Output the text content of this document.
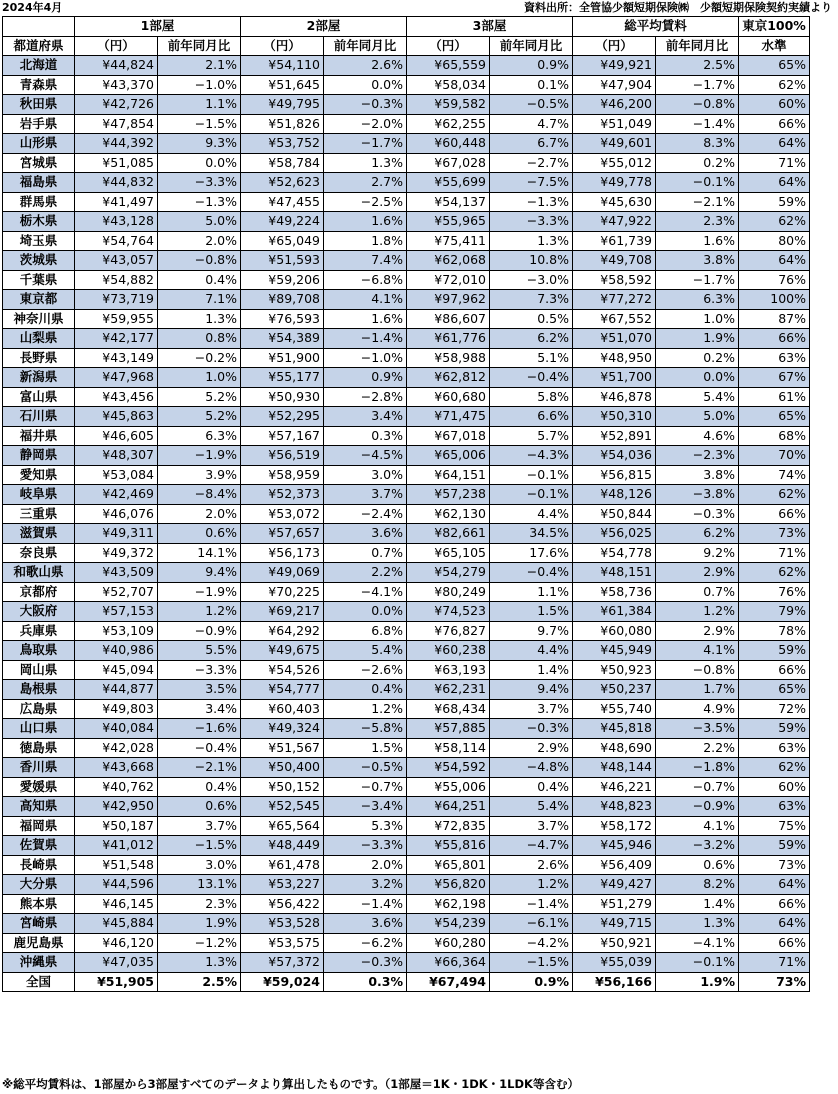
2024年4月	資料出所：全管協少額短期保険㈱　少額短期保険契約実績より
	1部屋		2部屋		3部屋		総平均賃料		東京100%
都道府県	（円）	前年同月比	（円）	前年同月比	（円）	前年同月比	（円）	前年同月比	水準
北海道	¥44,824	2.1%	¥54,110	2.6%	¥65,559	0.9%	¥49,921	2.5%	65%
青森県	¥43,370	−1.0%	¥51,645	0.0%	¥58,034	0.1%	¥47,904	−1.7%	62%
秋田県	¥42,726	1.1%	¥49,795	−0.3%	¥59,582	−0.5%	¥46,200	−0.8%	60%
岩手県	¥47,854	−1.5%	¥51,826	−2.0%	¥62,255	4.7%	¥51,049	−1.4%	66%
山形県	¥44,392	9.3%	¥53,752	−1.7%	¥60,448	6.7%	¥49,601	8.3%	64%
宮城県	¥51,085	0.0%	¥58,784	1.3%	¥67,028	−2.7%	¥55,012	0.2%	71%
福島県	¥44,832	−3.3%	¥52,623	2.7%	¥55,699	−7.5%	¥49,778	−0.1%	64%
群馬県	¥41,497	−1.3%	¥47,455	−2.5%	¥54,137	−1.3%	¥45,630	−2.1%	59%
栃木県	¥43,128	5.0%	¥49,224	1.6%	¥55,965	−3.3%	¥47,922	2.3%	62%
埼玉県	¥54,764	2.0%	¥65,049	1.8%	¥75,411	1.3%	¥61,739	1.6%	80%
茨城県	¥43,057	−0.8%	¥51,593	7.4%	¥62,068	10.8%	¥49,708	3.8%	64%
千葉県	¥54,882	0.4%	¥59,206	−6.8%	¥72,010	−3.0%	¥58,592	−1.7%	76%
東京都	¥73,719	7.1%	¥89,708	4.1%	¥97,962	7.3%	¥77,272	6.3%	100%
神奈川県	¥59,955	1.3%	¥76,593	1.6%	¥86,607	0.5%	¥67,552	1.0%	87%
山梨県	¥42,177	0.8%	¥54,389	−1.4%	¥61,776	6.2%	¥51,070	1.9%	66%
長野県	¥43,149	−0.2%	¥51,900	−1.0%	¥58,988	5.1%	¥48,950	0.2%	63%
新潟県	¥47,968	1.0%	¥55,177	0.9%	¥62,812	−0.4%	¥51,700	0.0%	67%
富山県	¥43,456	5.2%	¥50,930	−2.8%	¥60,680	5.8%	¥46,878	5.4%	61%
石川県	¥45,863	5.2%	¥52,295	3.4%	¥71,475	6.6%	¥50,310	5.0%	65%
福井県	¥46,605	6.3%	¥57,167	0.3%	¥67,018	5.7%	¥52,891	4.6%	68%
静岡県	¥48,307	−1.9%	¥56,519	−4.5%	¥65,006	−4.3%	¥54,036	−2.3%	70%
愛知県	¥53,084	3.9%	¥58,959	3.0%	¥64,151	−0.1%	¥56,815	3.8%	74%
岐阜県	¥42,469	−8.4%	¥52,373	3.7%	¥57,238	−0.1%	¥48,126	−3.8%	62%
三重県	¥46,076	2.0%	¥53,072	−2.4%	¥62,130	4.4%	¥50,844	−0.3%	66%
滋賀県	¥49,311	0.6%	¥57,657	3.6%	¥82,661	34.5%	¥56,025	6.2%	73%
奈良県	¥49,372	14.1%	¥56,173	0.7%	¥65,105	17.6%	¥54,778	9.2%	71%
和歌山県	¥43,509	9.4%	¥49,069	2.2%	¥54,279	−0.4%	¥48,151	2.9%	62%
京都府	¥52,707	−1.9%	¥70,225	−4.1%	¥80,249	1.1%	¥58,736	0.7%	76%
大阪府	¥57,153	1.2%	¥69,217	0.0%	¥74,523	1.5%	¥61,384	1.2%	79%
兵庫県	¥53,109	−0.9%	¥64,292	6.8%	¥76,827	9.7%	¥60,080	2.9%	78%
鳥取県	¥40,986	5.5%	¥49,675	5.4%	¥60,238	4.4%	¥45,949	4.1%	59%
岡山県	¥45,094	−3.3%	¥54,526	−2.6%	¥63,193	1.4%	¥50,923	−0.8%	66%
島根県	¥44,877	3.5%	¥54,777	0.4%	¥62,231	9.4%	¥50,237	1.7%	65%
広島県	¥49,803	3.4%	¥60,403	1.2%	¥68,434	3.7%	¥55,740	4.9%	72%
山口県	¥40,084	−1.6%	¥49,324	−5.8%	¥57,885	−0.3%	¥45,818	−3.5%	59%
徳島県	¥42,028	−0.4%	¥51,567	1.5%	¥58,114	2.9%	¥48,690	2.2%	63%
香川県	¥43,668	−2.1%	¥50,400	−0.5%	¥54,592	−4.8%	¥48,144	−1.8%	62%
愛媛県	¥40,762	0.4%	¥50,152	−0.7%	¥55,006	0.4%	¥46,221	−0.7%	60%
高知県	¥42,950	0.6%	¥52,545	−3.4%	¥64,251	5.4%	¥48,823	−0.9%	63%
福岡県	¥50,187	3.7%	¥65,564	5.3%	¥72,835	3.7%	¥58,172	4.1%	75%
佐賀県	¥41,012	−1.5%	¥48,449	−3.3%	¥55,816	−4.7%	¥45,946	−3.2%	59%
長崎県	¥51,548	3.0%	¥61,478	2.0%	¥65,801	2.6%	¥56,409	0.6%	73%
大分県	¥44,596	13.1%	¥53,227	3.2%	¥56,820	1.2%	¥49,427	8.2%	64%
熊本県	¥46,145	2.3%	¥56,422	−1.4%	¥62,198	−1.4%	¥51,279	1.4%	66%
宮崎県	¥45,884	1.9%	¥53,528	3.6%	¥54,239	−6.1%	¥49,715	1.3%	64%
鹿児島県	¥46,120	−1.2%	¥53,575	−6.2%	¥60,280	−4.2%	¥50,921	−4.1%	66%
沖縄県	¥47,035	1.3%	¥57,372	−0.3%	¥66,364	−1.5%	¥55,039	−0.1%	71%
全国	¥51,905	2.5%	¥59,024	0.3%	¥67,494	0.9%	¥56,166	1.9%	73%
※総平均賃料は、1部屋から3部屋すべてのデータより算出したものです。（1部屋＝1K・1DK・1LDK等含む）
